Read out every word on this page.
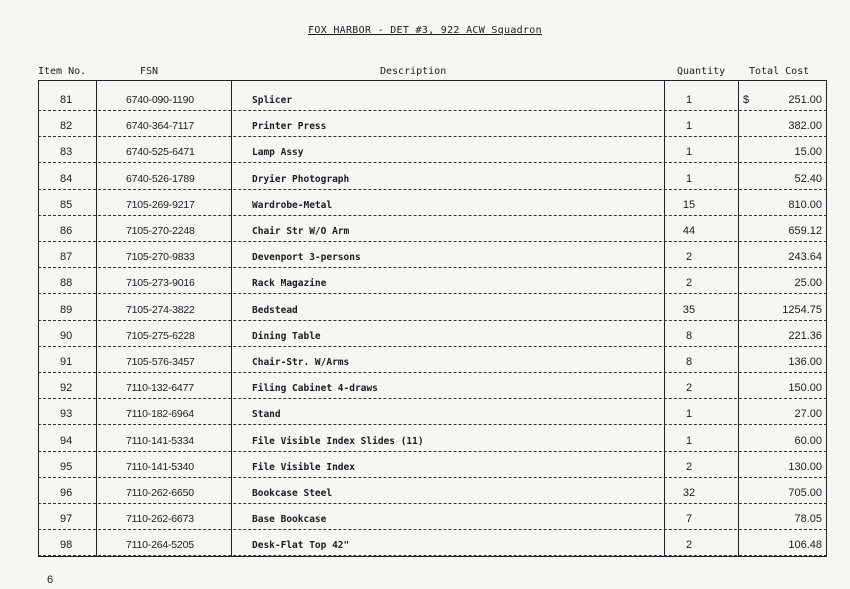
FOX HARBOR - DET #3, 922 ACW Squadron
Item No.	FSN	Description	Quantity Total Cost
81	6740-090-1190	Splicer	1	251.00
$
82	6740-364-7117	Printer Press	1	382.00
83	6740-525-6471	Lamp Assy	1	15.00
84	6740-526-1789	Dryier Photograph	1	52.40
85	7105-269-9217	Wardrobe-Metal	15	810.00
86	7105-270-2248	Chair Str W/O Arm	44	659.12
87	7105-270-9833	Devenport 3-persons	2	243.64
88	7105-273-9016	Rack Magazine	2	25.00
89	7105-274-3822	Bedstead	35	1254.75
90	7105-275-6228	Dining Table	8	221.36
91	7105-576-3457	Chair-Str. W/Arms	8	136.00
92	7110-132-6477	Filing Cabinet 4-draws	2	150.00
93	7110-182-6964	Stand	1	27.00
94	7110-141-5334	File Visible Index Slides (11)	1	60.00
95	7110-141-5340	File Visible Index	2	130.00
96	7110-262-6650	Bookcase Steel	32	705.00
97	7110-262-6673	Base Bookcase	7	78.05
98	7110-264-5205	Desk-Flat Top 42"	2	106.48
6
